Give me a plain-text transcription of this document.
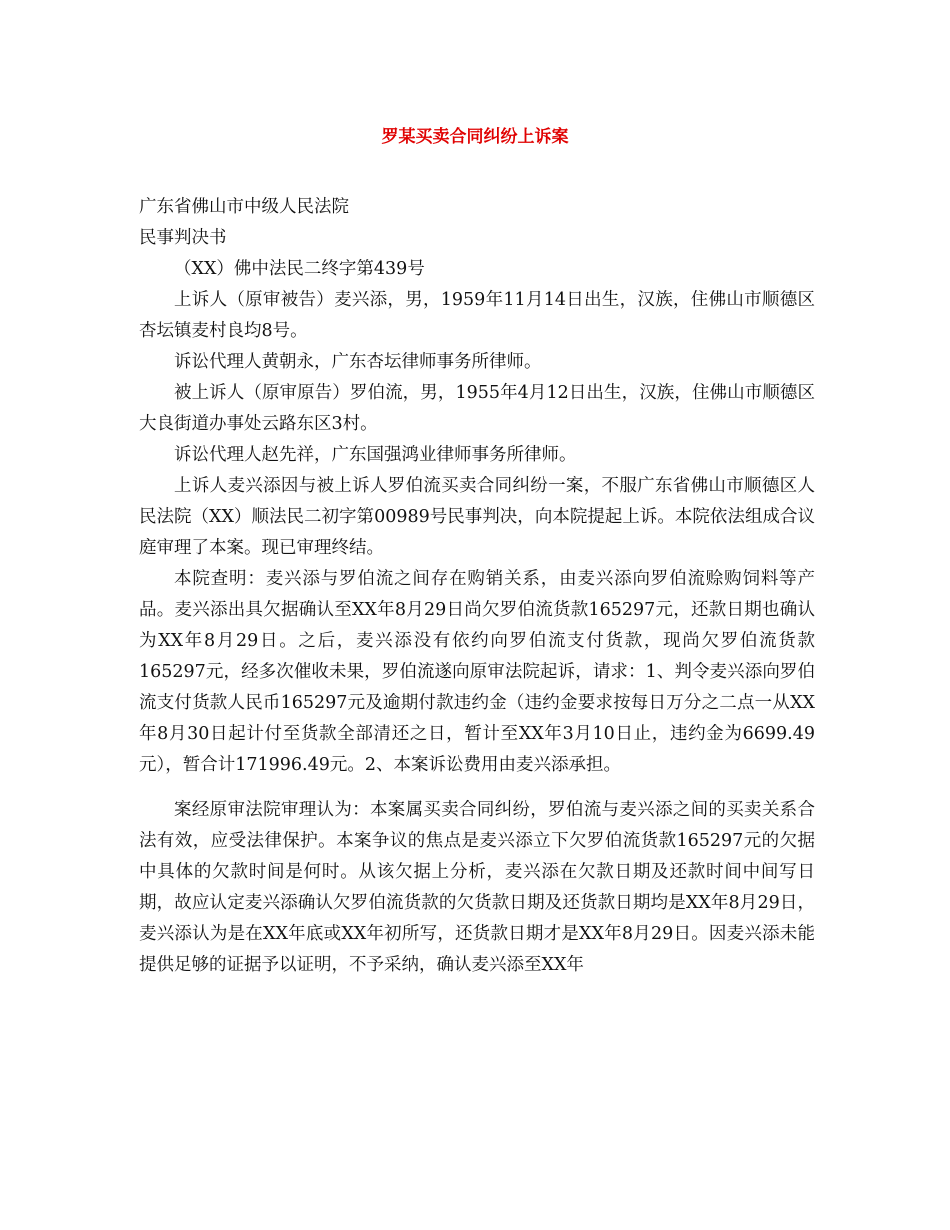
罗某买卖合同纠纷上诉案

广东省佛山市中级人民法院

民事判决书

（XX）佛中法民二终字第439号

上诉人（原审被告）麦兴添，男，1959年11月14日出生，汉族，住佛山市顺德区杏坛镇麦村良均8号。

诉讼代理人黄朝永，广东杏坛律师事务所律师。

被上诉人（原审原告）罗伯流，男，1955年4月12日出生，汉族，住佛山市顺德区大良街道办事处云路东区3村。

诉讼代理人赵先祥，广东国强鸿业律师事务所律师。

上诉人麦兴添因与被上诉人罗伯流买卖合同纠纷一案，不服广东省佛山市顺德区人民法院（XX）顺法民二初字第00989号民事判决，向本院提起上诉。本院依法组成合议庭审理了本案。现已审理终结。

本院查明：麦兴添与罗伯流之间存在购销关系，由麦兴添向罗伯流赊购饲料等产品。麦兴添出具欠据确认至XX年8月29日尚欠罗伯流货款165297元，还款日期也确认为XX年8月29日。之后，麦兴添没有依约向罗伯流支付货款，现尚欠罗伯流货款165297元，经多次催收未果，罗伯流遂向原审法院起诉，请求：1、判令麦兴添向罗伯流支付货款人民币165297元及逾期付款违约金（违约金要求按每日万分之二点一从XX年8月30日起计付至货款全部清还之日，暂计至XX年3月10日止，违约金为6699.49元），暂合计171996.49元。2、本案诉讼费用由麦兴添承担。

案经原审法院审理认为：本案属买卖合同纠纷，罗伯流与麦兴添之间的买卖关系合法有效，应受法律保护。本案争议的焦点是麦兴添立下欠罗伯流货款165297元的欠据中具体的欠款时间是何时。从该欠据上分析，麦兴添在欠款日期及还款时间中间写日期，故应认定麦兴添确认欠罗伯流货款的欠货款日期及还货款日期均是XX年8月29日，麦兴添认为是在XX年底或XX年初所写，还货款日期才是XX年8月29日。因麦兴添未能提供足够的证据予以证明，不予采纳，确认麦兴添至XX年
